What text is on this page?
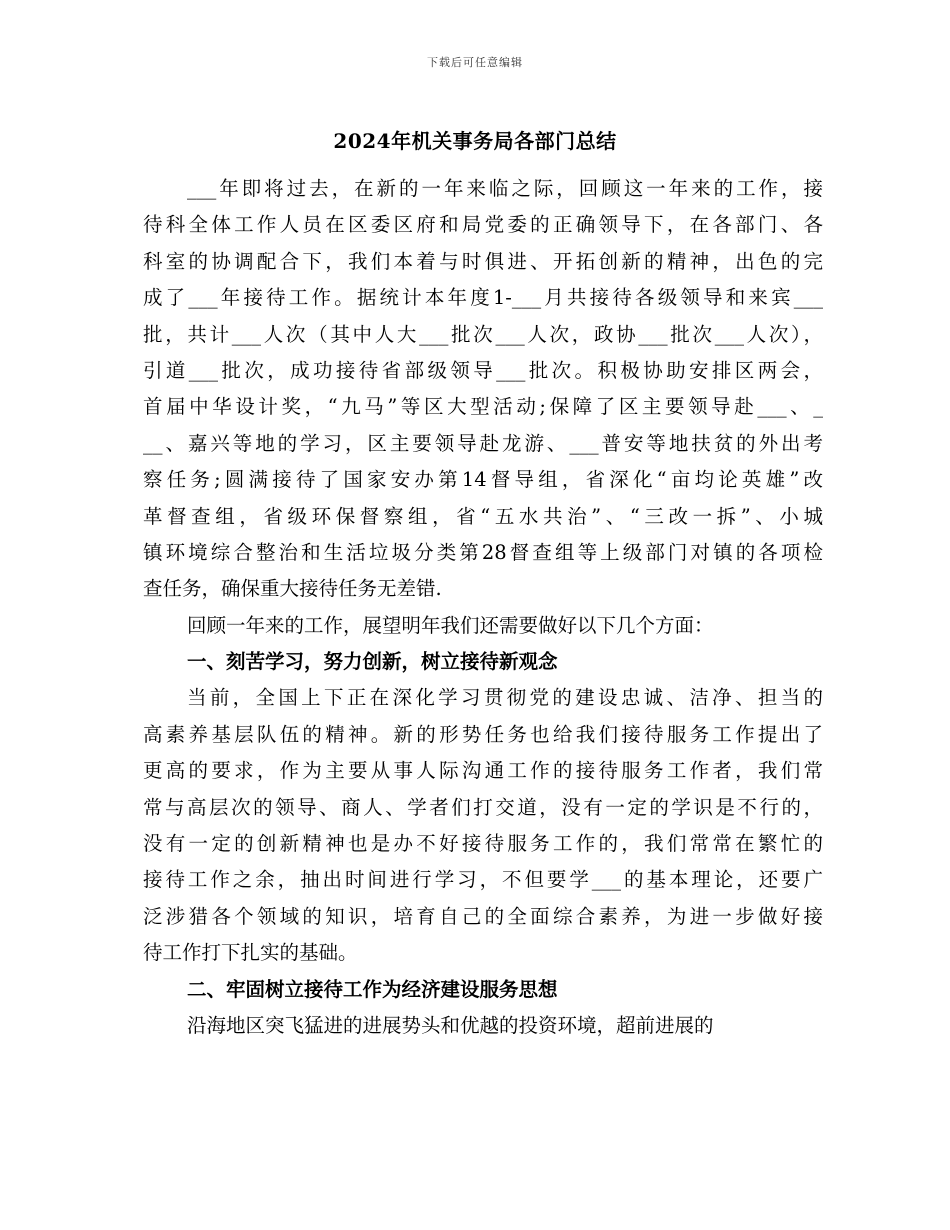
下载后可任意编辑
2024年机关事务局各部门总结
___年即将过去，在新的一年来临之际，回顾这一年来的工作，接
待科全体工作人员在区委区府和局党委的正确领导下，在各部门、各
科室的协调配合下，我们本着与时俱进、开拓创新的精神，出色的完
成了___年接待工作。据统计本年度1-___月共接待各级领导和来宾___
批，共计___人次（其中人大___批次___人次，政协___批次___人次），
引道___批次，成功接待省部级领导___批次。积极协助安排区两会，
首届中华设计奖，“九马”等区大型活动;保障了区主要领导赴___、_
__、嘉兴等地的学习，区主要领导赴龙游、___普安等地扶贫的外出考
察任务;圆满接待了国家安办第14督导组，省深化“亩均论英雄”改
革督查组，省级环保督察组，省“五水共治”、“三改一拆”、小城
镇环境综合整治和生活垃圾分类第28督查组等上级部门对镇的各项检
查任务，确保重大接待任务无差错.
回顾一年来的工作，展望明年我们还需要做好以下几个方面：
一、刻苦学习，努力创新，树立接待新观念
当前，全国上下正在深化学习贯彻党的建设忠诚、洁净、担当的
高素养基层队伍的精神。新的形势任务也给我们接待服务工作提出了
更高的要求，作为主要从事人际沟通工作的接待服务工作者，我们常
常与高层次的领导、商人、学者们打交道，没有一定的学识是不行的，
没有一定的创新精神也是办不好接待服务工作的，我们常常在繁忙的
接待工作之余，抽出时间进行学习，不但要学___的基本理论，还要广
泛涉猎各个领域的知识，培育自己的全面综合素养，为进一步做好接
待工作打下扎实的基础。
二、牢固树立接待工作为经济建设服务思想
沿海地区突飞猛进的进展势头和优越的投资环境，超前进展的
